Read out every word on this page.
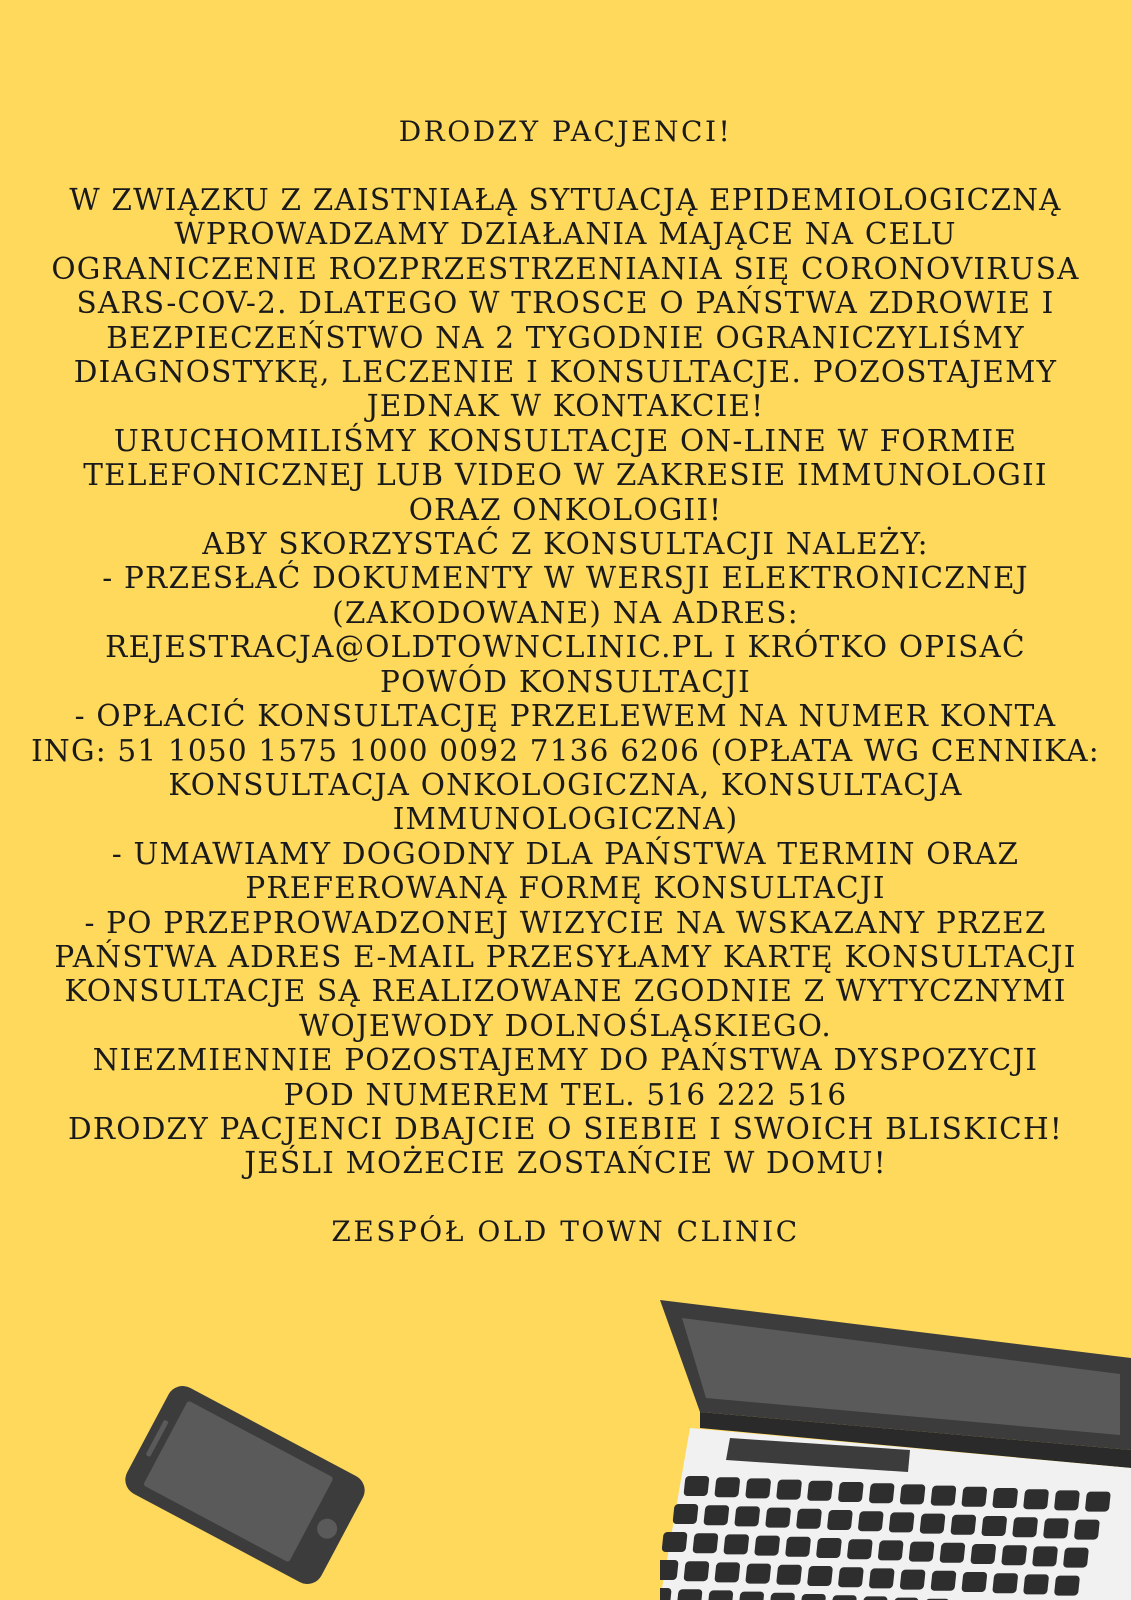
DRODZY PACJENCI!
W ZWIĄZKU Z ZAISTNIAŁĄ SYTUACJĄ EPIDEMIOLOGICZNĄ
WPROWADZAMY DZIAŁANIA MAJĄCE NA CELU
OGRANICZENIE ROZPRZESTRZENIANIA SIĘ CORONOVIRUSA
SARS-COV-2. DLATEGO W TROSCE O PAŃSTWA ZDROWIE I
BEZPIECZEŃSTWO NA 2 TYGODNIE OGRANICZYLIŚMY
DIAGNOSTYKĘ, LECZENIE I KONSULTACJE. POZOSTAJEMY
JEDNAK W KONTAKCIE!
URUCHOMILIŚMY KONSULTACJE ON-LINE W FORMIE
TELEFONICZNEJ LUB VIDEO W ZAKRESIE IMMUNOLOGII
ORAZ ONKOLOGII!
ABY SKORZYSTAĆ Z KONSULTACJI NALEŻY:
- PRZESŁAĆ DOKUMENTY W WERSJI ELEKTRONICZNEJ
(ZAKODOWANE) NA ADRES:
REJESTRACJA@OLDTOWNCLINIC.PL I KRÓTKO OPISAĆ
POWÓD KONSULTACJI
- OPŁACIĆ KONSULTACJĘ PRZELEWEM NA NUMER KONTA
ING: 51 1050 1575 1000 0092 7136 6206 (OPŁATA WG CENNIKA:
KONSULTACJA ONKOLOGICZNA, KONSULTACJA
IMMUNOLOGICZNA)
- UMAWIAMY DOGODNY DLA PAŃSTWA TERMIN ORAZ
PREFEROWANĄ FORMĘ KONSULTACJI
- PO PRZEPROWADZONEJ WIZYCIE NA WSKAZANY PRZEZ
PAŃSTWA ADRES E-MAIL PRZESYŁAMY KARTĘ KONSULTACJI
KONSULTACJE SĄ REALIZOWANE ZGODNIE Z WYTYCZNYMI
WOJEWODY DOLNOŚLĄSKIEGO.
NIEZMIENNIE POZOSTAJEMY DO PAŃSTWA DYSPOZYCJI
POD NUMEREM TEL. 516 222 516
DRODZY PACJENCI DBAJCIE O SIEBIE I SWOICH BLISKICH!
JEŚLI MOŻECIE ZOSTAŃCIE W DOMU!
ZESPÓŁ OLD TOWN CLINIC
